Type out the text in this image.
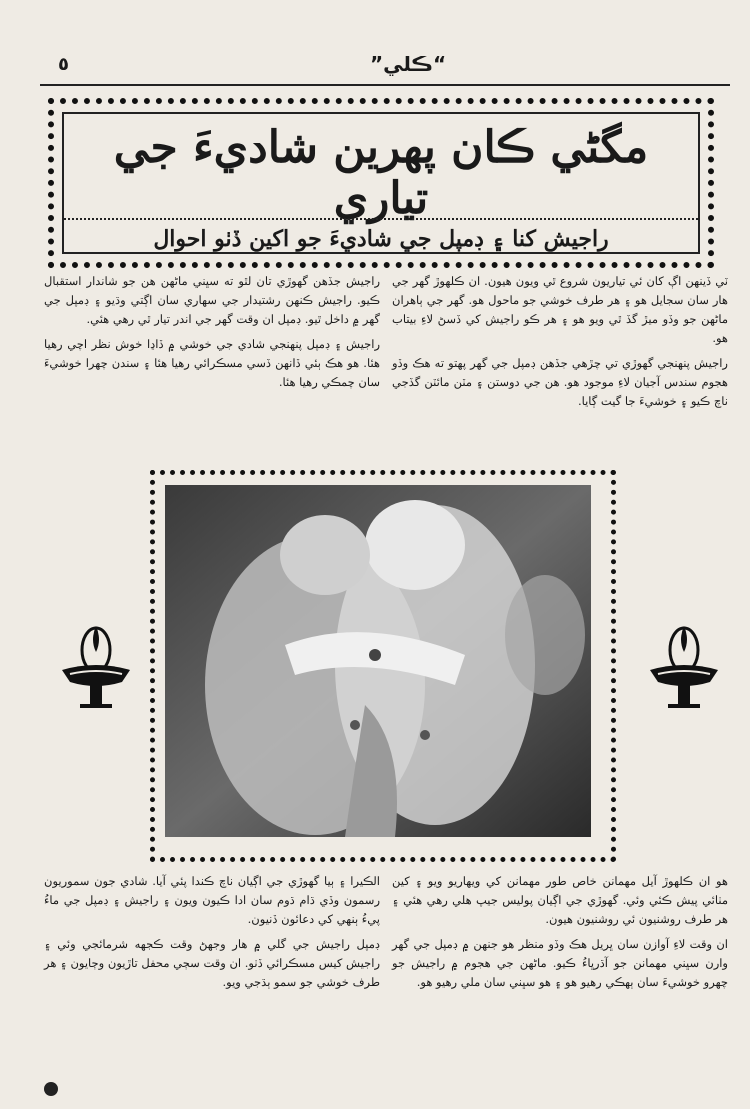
٥	”ڪلي“
مگڻي ڪان پهرين شاديءَ جي تياري
راجيش کنا ۽ ڊمپل جي شاديءَ جو اکين ڏٺو احوال

ٽي ڏينهن اڳ کان ئي تياريون شروع ٿي ويون هيون. ان ڪلهوڙ گهر جي هار سان سجايل هو ۽ هر طرف خوشي جو ماحول هو. گهر جي ٻاهران ماڻهن جو وڏو ميڙ گڏ ٿي ويو هو ۽ هر ڪو راجيش کي ڏسڻ لاءِ بيتاب هو.

راجيش پنهنجي گهوڙي تي چڙهي جڏهن ڊمپل جي گهر پهتو ته هڪ وڏو هجوم سندس آجيان لاءِ موجود هو. هن جي دوستن ۽ مٽن مائٽن گڏجي ناچ ڪيو ۽ خوشيءَ جا گيت ڳايا.

راجيش جڏهن گهوڙي تان لٿو ته سڀني ماڻهن هن جو شاندار استقبال ڪيو. راجيش ڪنهن رشتيدار جي سهاري سان اڳتي وڌيو ۽ ڊمپل جي گهر ۾ داخل ٿيو. ڊمپل ان وقت گهر جي اندر تيار ٿي رهي هئي.

راجيش ۽ ڊمپل پنهنجي شادي جي خوشي ۾ ڏاڍا خوش نظر اچي رهيا هئا. هو هڪ ٻئي ڏانهن ڏسي مسڪرائي رهيا هئا ۽ سندن چهرا خوشيءَ سان چمڪي رهيا هئا.

هو ان ڪلهوڙ آيل مهمانن خاص طور مهمانن کي ويهاريو ويو ۽ کين مٺائي پيش ڪئي وئي. گهوڙي جي اڳيان پوليس جيپ هلي رهي هئي ۽ هر طرف روشنيون ئي روشنيون هيون.

ان وقت لاءِ آوازن سان ڀريل هڪ وڏو منظر هو جنهن ۾ ڊمپل جي گهر وارن سڀني مهمانن جو آڌرڀاءُ ڪيو. ماڻهن جي هجوم ۾ راجيش جو چهرو خوشيءَ سان ٻهڪي رهيو هو ۽ هو سڀني سان ملي رهيو هو.

الڪيرا ۽ ٻيا گهوڙي جي اڳيان ناچ ڪندا پئي آيا. شادي جون سموريون رسمون وڏي ڌام ڌوم سان ادا ڪيون ويون ۽ راجيش ۽ ڊمپل جي ماءُ پيءُ ٻنهي کي دعائون ڏنيون.

ڊمپل راجيش جي گلي ۾ هار وجهڻ وقت ڪجهه شرمائجي وئي ۽ راجيش کيس مسڪرائي ڏٺو. ان وقت سڄي محفل تاڙيون وڄايون ۽ هر طرف خوشي جو سمو ٻڌجي ويو.
